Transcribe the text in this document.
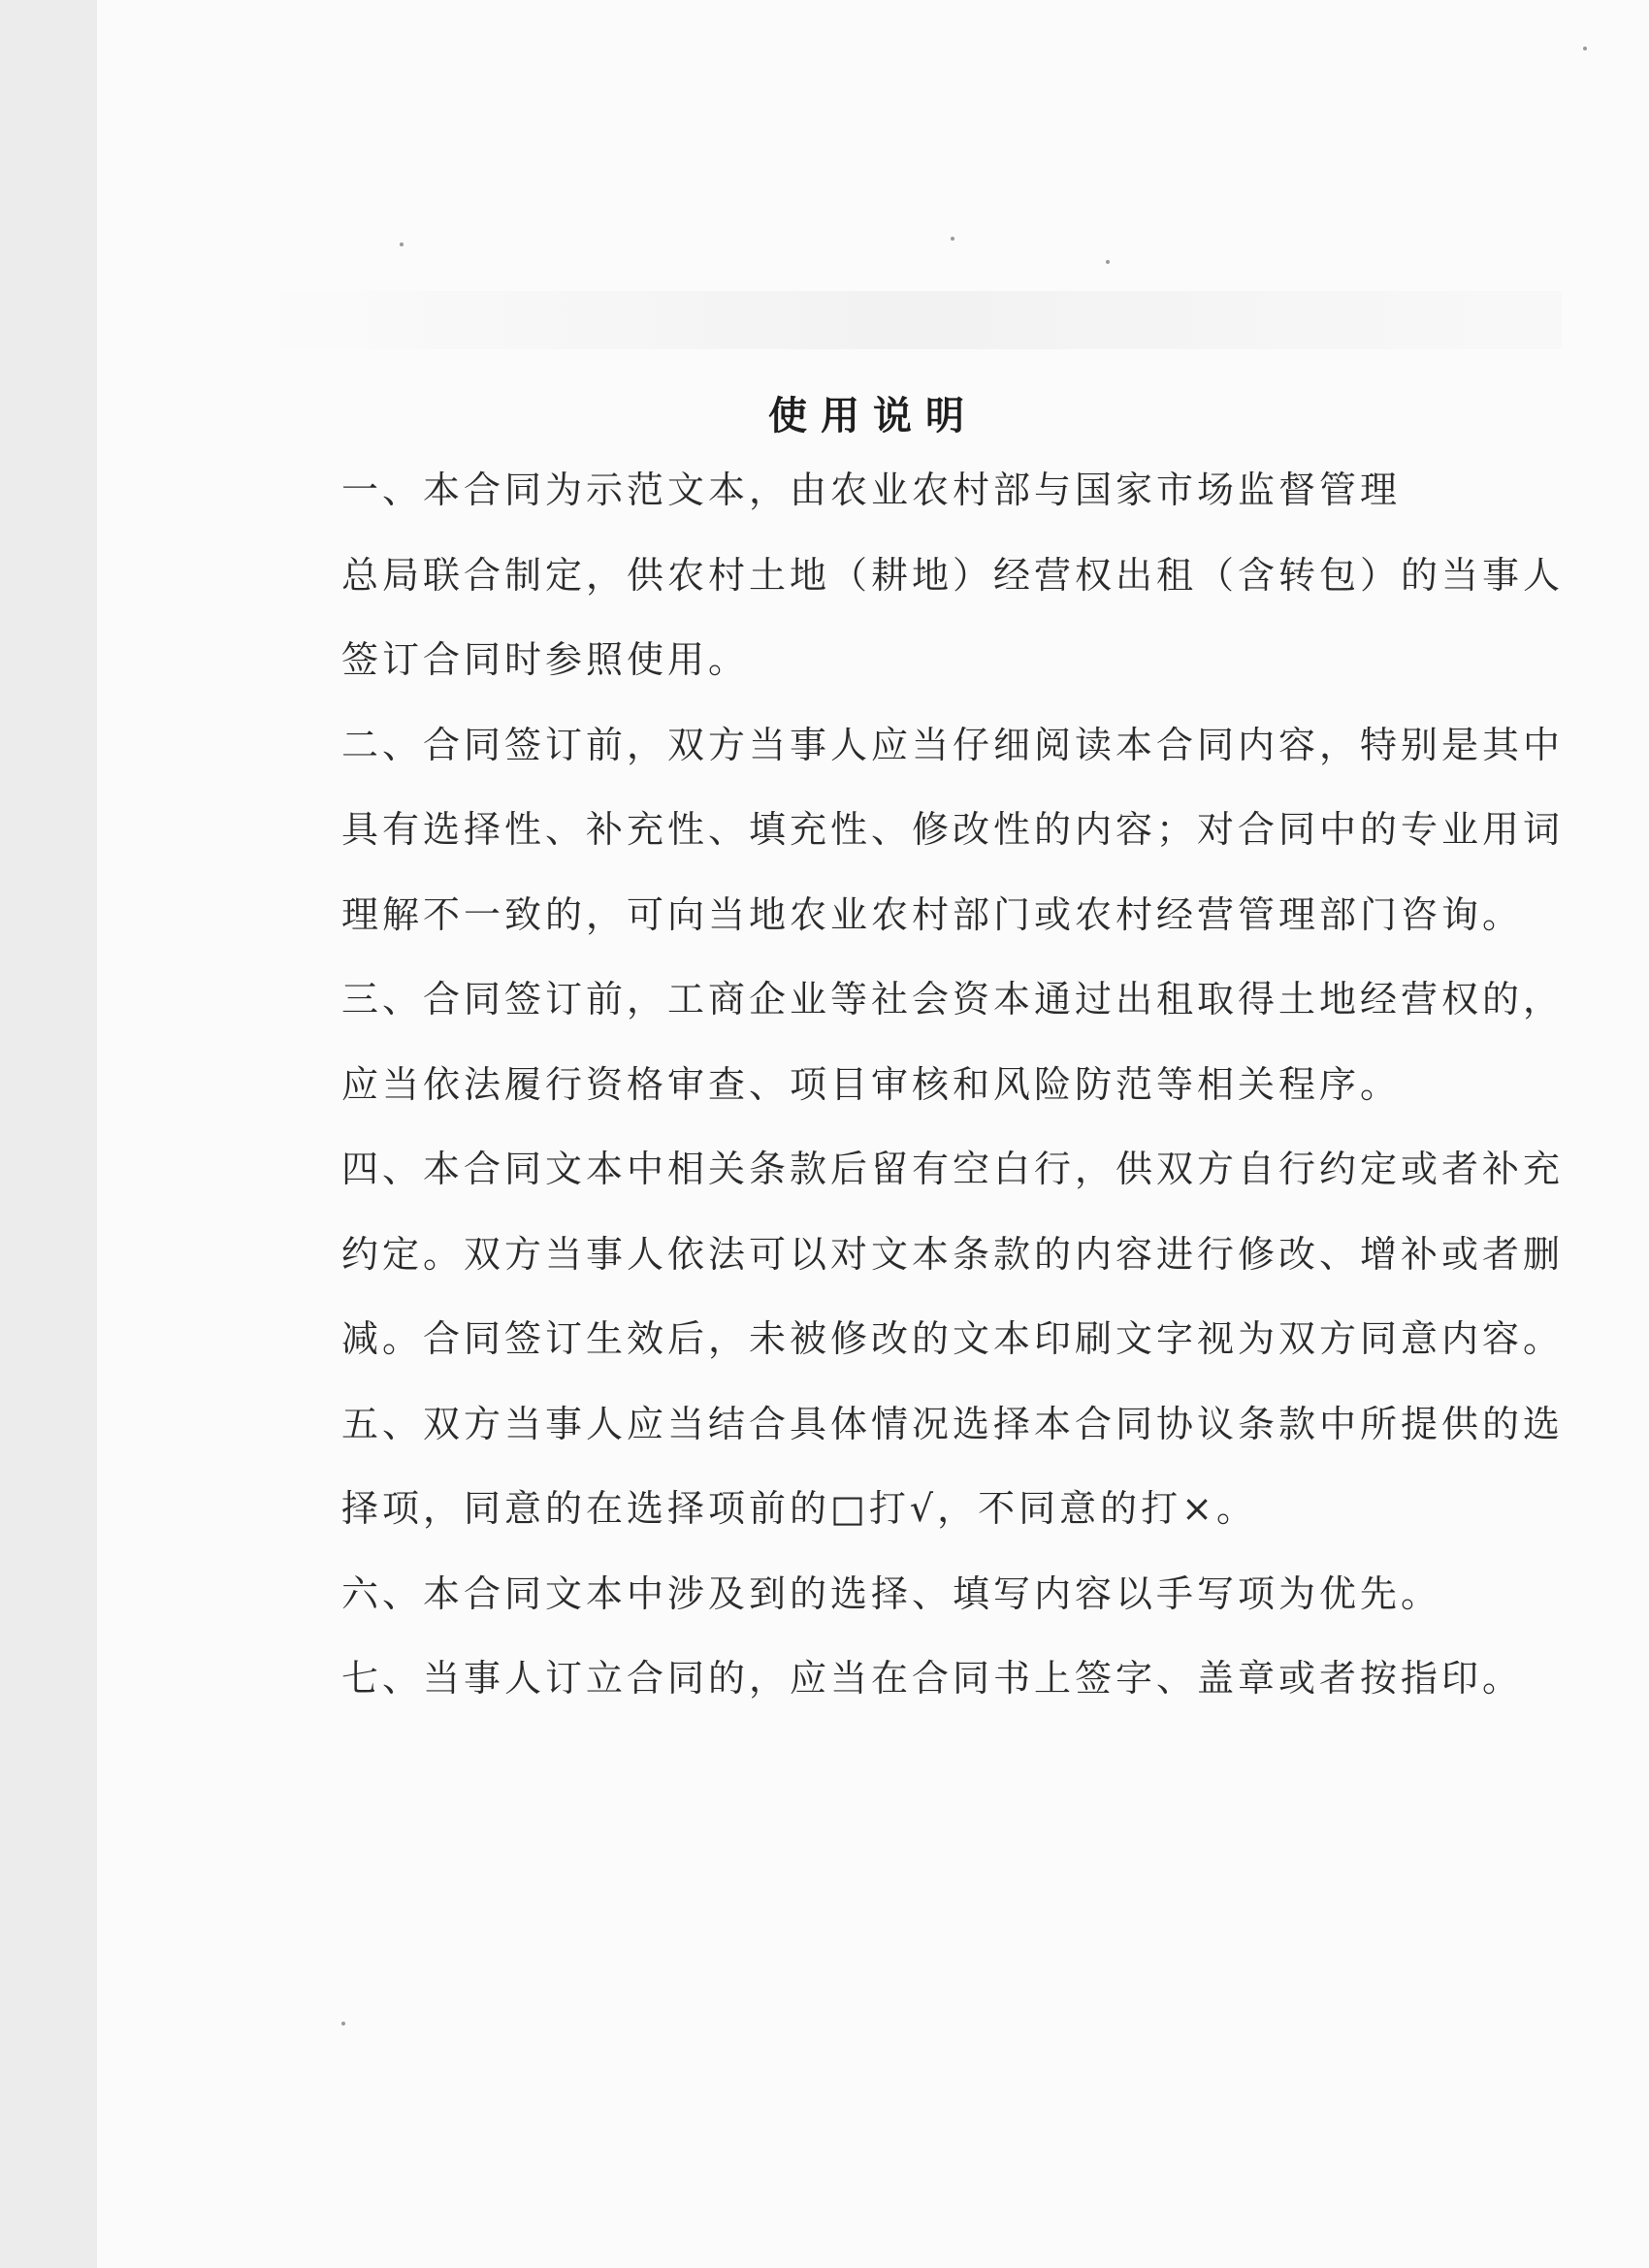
使用说明

一、本合同为示范文本，由农业农村部与国家市场监督管理
总局联合制定，供农村土地（耕地）经营权出租（含转包）的当事人签订合同时参照使用。

二、合同签订前，双方当事人应当仔细阅读本合同内容，特别是其中具有选择性、补充性、填充性、修改性的内容；对合同中的专业用词理解不一致的，可向当地农业农村部门或农村经营管理部门咨询。

三、合同签订前，工商企业等社会资本通过出租取得土地经营权的，应当依法履行资格审查、项目审核和风险防范等相关程序。

四、本合同文本中相关条款后留有空白行，供双方自行约定或者补充约定。双方当事人依法可以对文本条款的内容进行修改、增补或者删减。合同签订生效后，未被修改的文本印刷文字视为双方同意内容。

五、双方当事人应当结合具体情况选择本合同协议条款中所提供的选择项，同意的在选择项前的□打√，不同意的打×。

六、本合同文本中涉及到的选择、填写内容以手写项为优先。

七、当事人订立合同的，应当在合同书上签字、盖章或者按指印。
